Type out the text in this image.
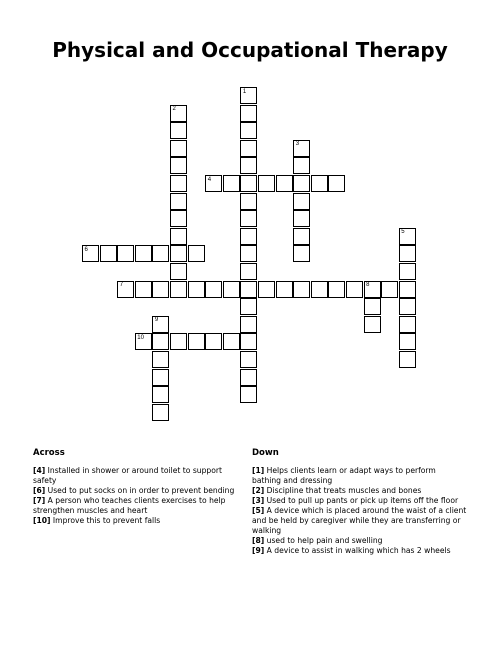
Physical and Occupational Therapy
1
2
3
4
5
6
7	8
9
10
Across

[4] Installed in shower or around toilet to support safety

[6] Used to put socks on in order to prevent bending

[7] A person who teaches clients exercises to help strengthen muscles and heart

[10] Improve this to prevent falls

Down

[1] Helps clients learn or adapt ways to perform bathing and dressing

[2] Discipline that treats muscles and bones

[3] Used to pull up pants or pick up items off the floor

[5] A device which is placed around the waist of a client and be held by caregiver while they are transferring or walking

[8] used to help pain and swelling

[9] A device to assist in walking which has 2 wheels
